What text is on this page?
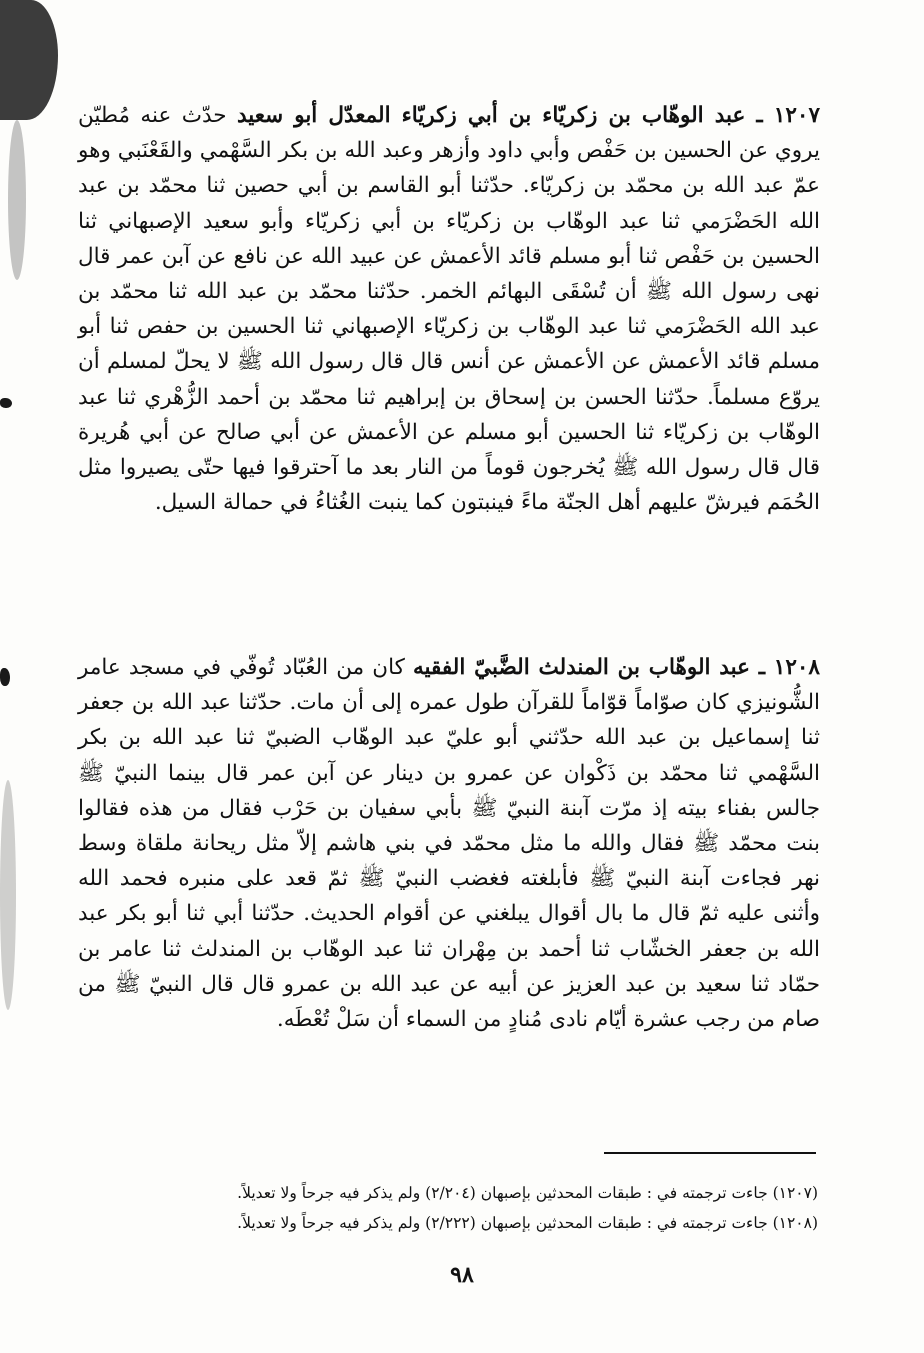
١٢٠٧ ـ عبد الوهّاب بن زكريّاء بن أبي زكريّاء المعدّل أبو سعيد حدّث عنه مُطيّن يروي عن الحسين بن حَفْص وأبي داود وأزهر وعبد الله بن بكر السَّهْمي والقَعْنَبي وهو عمّ عبد الله بن محمّد بن زكريّاء. حدّثنا أبو القاسم بن أبي حصين ثنا محمّد بن عبد الله الحَضْرَمي ثنا عبد الوهّاب بن زكريّاء بن أبي زكريّاء وأبو سعيد الإصبهاني ثنا الحسين بن حَفْص ثنا أبو مسلم قائد الأعمش عن عبيد الله عن نافع عن آبن عمر قال نهى رسول الله ﷺ أن تُسْقَى البهائم الخمر. حدّثنا محمّد بن عبد الله ثنا محمّد بن عبد الله الحَضْرَمي ثنا عبد الوهّاب بن زكريّاء الإصبهاني ثنا الحسين بن حفص ثنا أبو مسلم قائد الأعمش عن الأعمش عن أنس قال قال رسول الله ﷺ لا يحلّ لمسلم أن يروّع مسلماً. حدّثنا الحسن بن إسحاق بن إبراهيم ثنا محمّد بن أحمد الزُّهْري ثنا عبد الوهّاب بن زكريّاء ثنا الحسين أبو مسلم عن الأعمش عن أبي صالح عن أبي هُريرة قال قال رسول الله ﷺ يُخرجون قوماً من النار بعد ما آحترقوا فيها حتّى يصيروا مثل الحُمَم فيرشّ عليهم أهل الجنّة ماءً فينبتون كما ينبت الغُثاءُ في حمالة السيل.

١٢٠٨ ـ عبد الوهّاب بن المندلث الضَّبيّ الفقيه كان من العُبّاد تُوفّي في مسجد عامر الشُّونيزي كان صوّاماً قوّاماً للقرآن طول عمره إلى أن مات. حدّثنا عبد الله بن جعفر ثنا إسماعيل بن عبد الله حدّثني أبو عليّ عبد الوهّاب الضبيّ ثنا عبد الله بن بكر السَّهْمي ثنا محمّد بن ذَكْوان عن عمرو بن دينار عن آبن عمر قال بينما النبيّ ﷺ جالس بفناء بيته إذ مرّت آبنة النبيّ ﷺ بأبي سفيان بن حَرْب فقال من هذه فقالوا بنت محمّد ﷺ فقال والله ما مثل محمّد في بني هاشم إلاّ مثل ريحانة ملقاة وسط نهر فجاءت آبنة النبيّ ﷺ فأبلغته فغضب النبيّ ﷺ ثمّ قعد على منبره فحمد الله وأثنى عليه ثمّ قال ما بال أقوال يبلغني عن أقوام الحديث. حدّثنا أبي ثنا أبو بكر عبد الله بن جعفر الخشّاب ثنا أحمد بن مِهْران ثنا عبد الوهّاب بن المندلث ثنا عامر بن حمّاد ثنا سعيد بن عبد العزيز عن أبيه عن عبد الله بن عمرو قال قال النبيّ ﷺ من صام من رجب عشرة أيّام نادى مُنادٍ من السماء أن سَلْ تُعْطَه.

(١٢٠٧) جاءت ترجمته في : طبقات المحدثين بإصبهان (٢/٢٠٤) ولم يذكر فيه جرحاً ولا تعديلاً.
(١٢٠٨) جاءت ترجمته في : طبقات المحدثين بإصبهان (٢/٢٢٢) ولم يذكر فيه جرحاً ولا تعديلاً.
٩٨
